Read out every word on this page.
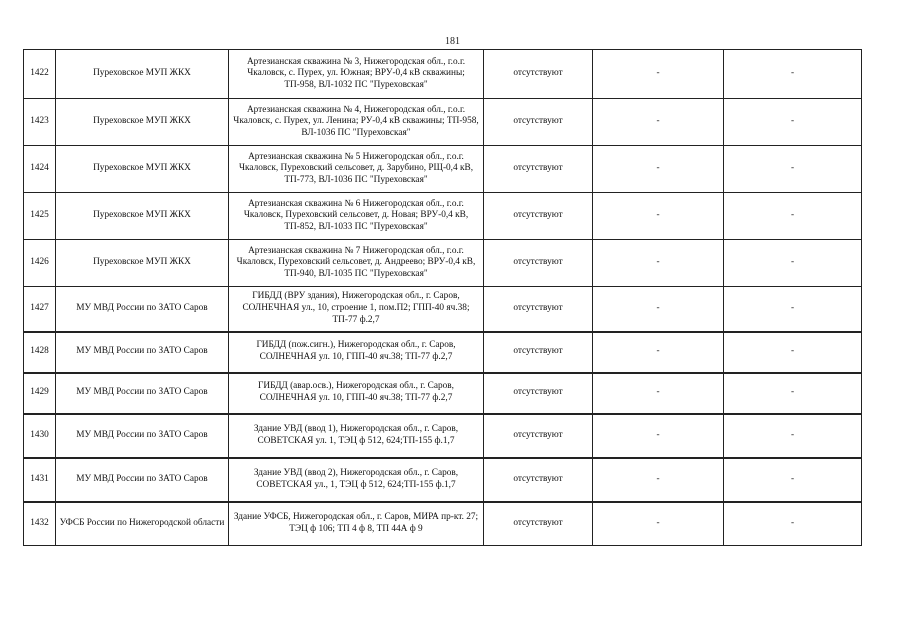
181
1422	Пуреховское МУП ЖКХ	Артезианская скважина № 3, Нижегородская обл., г.о.г. Чкаловск, с. Пурех, ул. Южная; ВРУ-0,4 кВ скважины; ТП-958, ВЛ-1032 ПС "Пуреховская"	отсутствуют	-	-
1423	Пуреховское МУП ЖКХ	Артезианская скважина № 4, Нижегородская обл., г.о.г. Чкаловск, с. Пурех, ул. Ленина; РУ-0,4 кВ скважины; ТП-958, ВЛ-1036 ПС "Пуреховская"	отсутствуют	-	-
1424	Пуреховское МУП ЖКХ	Артезианская скважина № 5 Нижегородская обл., г.о.г. Чкаловск, Пуреховский сельсовет, д. Зарубино, РЩ-0,4 кВ, ТП-773, ВЛ-1036 ПС "Пуреховская"	отсутствуют	-	-
1425	Пуреховское МУП ЖКХ	Артезианская скважина № 6 Нижегородская обл., г.о.г. Чкаловск, Пуреховский сельсовет, д. Новая; ВРУ-0,4 кВ, ТП-852, ВЛ-1033 ПС "Пуреховская"	отсутствуют	-	-
1426	Пуреховское МУП ЖКХ	Артезианская скважина № 7 Нижегородская обл., г.о.г. Чкаловск, Пуреховский сельсовет, д. Андреево; ВРУ-0,4 кВ, ТП-940, ВЛ-1035 ПС "Пуреховская"	отсутствуют	-	-
1427	МУ МВД России по ЗАТО Саров	ГИБДД (ВРУ здания), Нижегородская обл., г. Саров, СОЛНЕЧНАЯ ул., 10, строение 1, пом.П2; ГПП-40 яч.38; ТП-77 ф.2,7	отсутствуют	-	-
1428	МУ МВД России по ЗАТО Саров	ГИБДД (пож.сигн.), Нижегородская обл., г. Саров, СОЛНЕЧНАЯ ул. 10, ГПП-40 яч.38; ТП-77 ф.2,7	отсутствуют	-	-
1429	МУ МВД России по ЗАТО Саров	ГИБДД (авар.осв.), Нижегородская обл., г. Саров, СОЛНЕЧНАЯ ул. 10, ГПП-40 яч.38; ТП-77 ф.2,7	отсутствуют	-	-
1430	МУ МВД России по ЗАТО Саров	Здание УВД (ввод 1), Нижегородская обл., г. Саров, СОВЕТСКАЯ ул. 1, ТЭЦ ф 512, 624;ТП-155 ф.1,7	отсутствуют	-	-
1431	МУ МВД России по ЗАТО Саров	Здание УВД (ввод 2), Нижегородская обл., г. Саров, СОВЕТСКАЯ ул., 1, ТЭЦ ф 512, 624;ТП-155 ф.1,7	отсутствуют	-	-
1432	УФСБ России по Нижегородской области	Здание УФСБ, Нижегородская обл., г. Саров, МИРА пр-кт. 27; ТЭЦ ф 106; ТП 4 ф 8, ТП 44А ф 9	отсутствуют	-	-
